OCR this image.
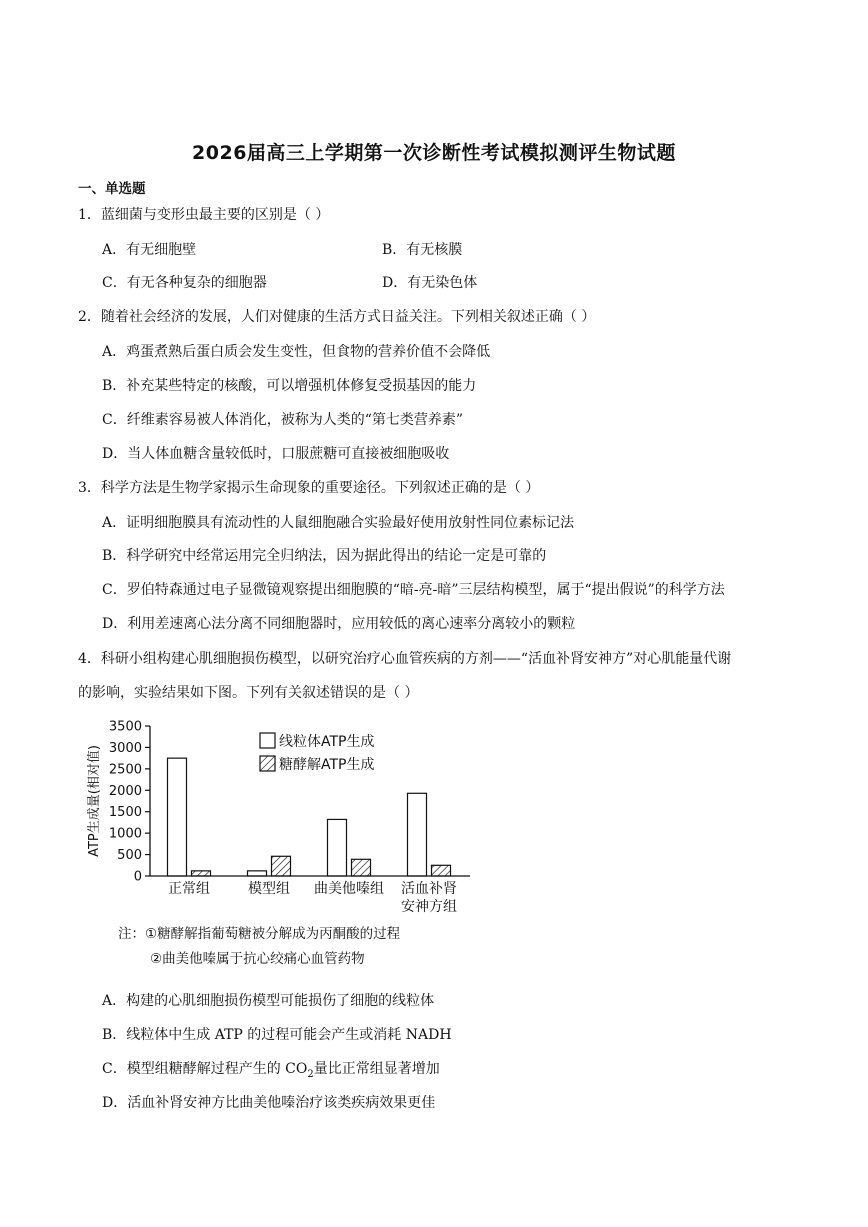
2026届高三上学期第一次诊断性考试模拟测评生物试题
一、单选题
1．蓝细菌与变形虫最主要的区别是（ ）
A．有无细胞壁	B．有无核膜
C．有无各种复杂的细胞器	D．有无染色体
2．随着社会经济的发展，人们对健康的生活方式日益关注。下列相关叙述正确（ ）
A．鸡蛋煮熟后蛋白质会发生变性，但食物的营养价值不会降低
B．补充某些特定的核酸，可以增强机体修复受损基因的能力
C．纤维素容易被人体消化，被称为人类的“第七类营养素”
D．当人体血糖含量较低时，口服蔗糖可直接被细胞吸收
3．科学方法是生物学家揭示生命现象的重要途径。下列叙述正确的是（ ）
A．证明细胞膜具有流动性的人鼠细胞融合实验最好使用放射性同位素标记法
B．科学研究中经常运用完全归纳法，因为据此得出的结论一定是可靠的
C．罗伯特森通过电子显微镜观察提出细胞膜的“暗-亮-暗”三层结构模型，属于“提出假说”的科学方法
D．利用差速离心法分离不同细胞器时，应用较低的离心速率分离较小的颗粒
4．科研小组构建心肌细胞损伤模型，以研究治疗心血管疾病的方剂——“活血补肾安神方”对心肌能量代谢
的影响，实验结果如下图。下列有关叙述错误的是（ ）
ATP生成量(相对值)
0
500
1000
1500
2000
2500
3000
3500
正常组	模型组 曲美他嗪组 活血补肾
安神方组
线粒体ATP生成
糖酵解ATP生成
注：①糖酵解指葡萄糖被分解成为丙酮酸的过程
②曲美他嗪属于抗心绞痛心血管药物
A．构建的心肌细胞损伤模型可能损伤了细胞的线粒体
B．线粒体中生成 ATP 的过程可能会产生或消耗 NADH
C．模型组糖酵解过程产生的 $CO_2$量比正常组显著增加
D．活血补肾安神方比曲美他嗪治疗该类疾病效果更佳
